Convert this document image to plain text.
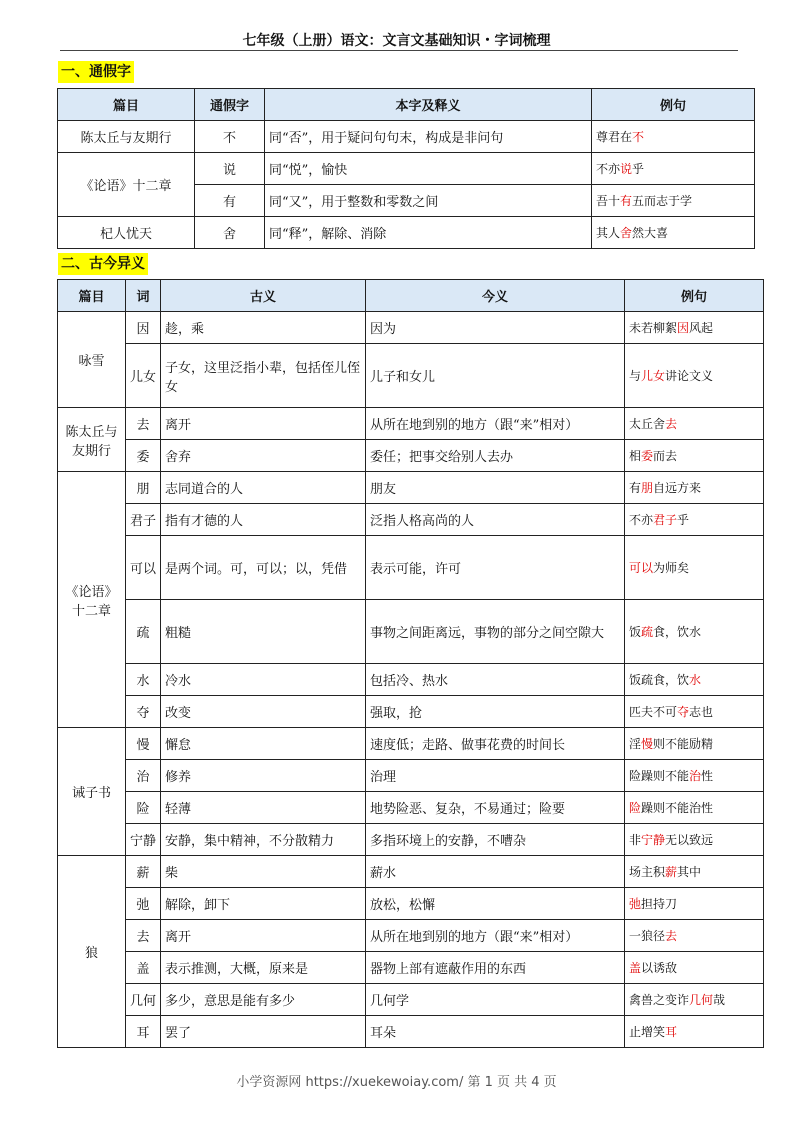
七年级（上册）语文：文言文基础知识・字词梳理
一、通假字
篇目	通假字	本字及释义	例句
陈太丘与友期行	不	同“否”，用于疑问句句末，构成是非问句	尊君在不
《论语》十二章	说	同“悦”，愉快	不亦说乎
	有	同“又”，用于整数和零数之间	吾十有五而志于学
杞人忧天	舍	同“释”，解除、消除	其人舍然大喜
二、古今异义
篇目	词	古义	今义	例句
咏雪	因	趁，乘	因为	未若柳絮因风起
	儿女	子女，这里泛指小辈，包括侄儿侄女	儿子和女儿	与儿女讲论文义
陈太丘与友期行	去	离开	从所在地到别的地方（跟“来”相对）	太丘舍去
	委	舍弃	委任；把事交给别人去办	相委而去
《论语》十二章	朋	志同道合的人	朋友	有朋自远方来
	君子	指有才德的人	泛指人格高尚的人	不亦君子乎
	可以	是两个词。可，可以；以，凭借	表示可能，许可	可以为师矣
	疏	粗糙	事物之间距离远，事物的部分之间空隙大	饭疏食，饮水
	水	冷水	包括冷、热水	饭疏食，饮水
	夺	改变	强取，抢	匹夫不可夺志也
诫子书	慢	懈怠	速度低；走路、做事花费的时间长	淫慢则不能励精
	治	修养	治理	险躁则不能治性
	险	轻薄	地势险恶、复杂，不易通过；险要	险躁则不能治性
	宁静	安静，集中精神，不分散精力	多指环境上的安静，不嘈杂	非宁静无以致远
狼	薪	柴	薪水	场主积薪其中
	弛	解除，卸下	放松，松懈	弛担持刀
	去	离开	从所在地到别的地方（跟“来”相对）	一狼径去
	盖	表示推测，大概，原来是	器物上部有遮蔽作用的东西	盖以诱敌
	几何	多少，意思是能有多少	几何学	禽兽之变诈几何哉
	耳	罢了	耳朵	止增笑耳
小学资源网 https://xuekewoiay.com/ 第 1 页 共 4 页
